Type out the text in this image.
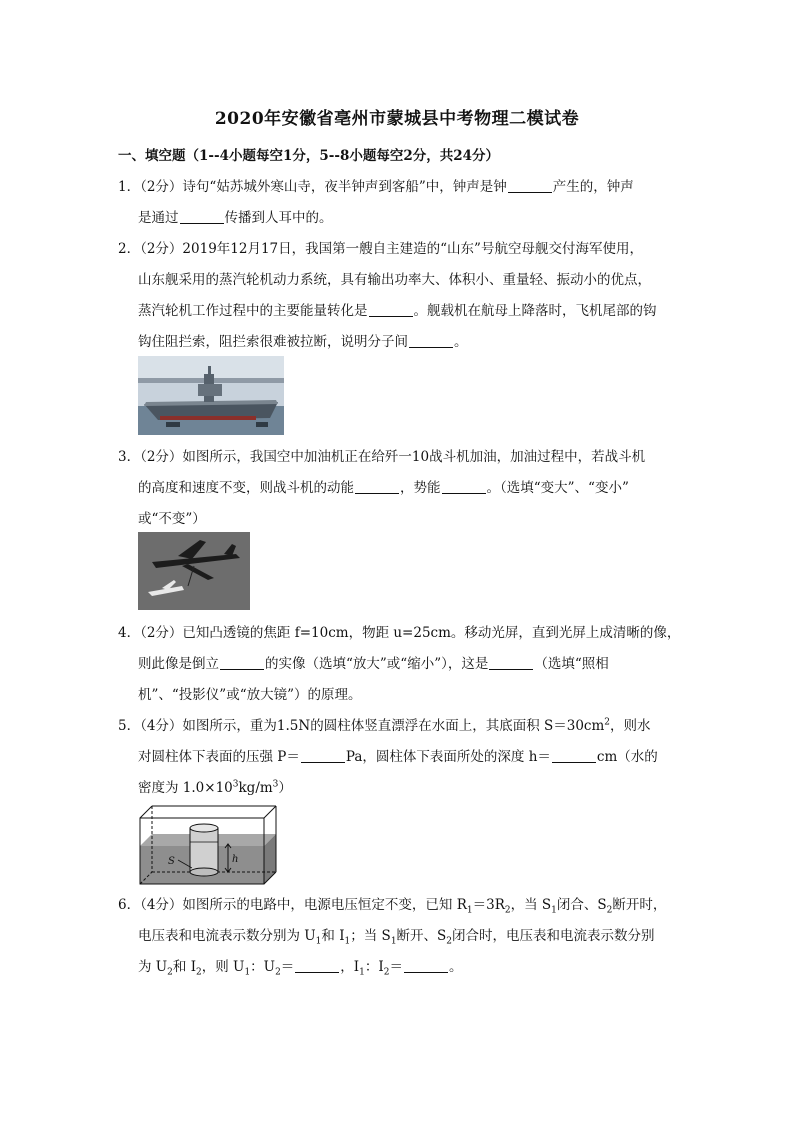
2020年安徽省亳州市蒙城县中考物理二模试卷
一、填空题（1--4小题每空1分，5--8小题每空2分，共24分）
1．（2分）诗句“姑苏城外寒山寺，夜半钟声到客船”中，钟声是钟	产生的，钟声
是通过	传播到人耳中的。
2．（2分）2019年12月17日，我国第一艘自主建造的“山东”号航空母舰交付海军使用，
山东舰采用的蒸汽轮机动力系统，具有输出功率大、体积小、重量轻、振动小的优点，
蒸汽轮机工作过程中的主要能量转化是	。舰载机在航母上降落时，飞机尾部的钩
钩住阻拦索，阻拦索很难被拉断，说明分子间	。
3．（2分）如图所示，我国空中加油机正在给歼一10战斗机加油，加油过程中，若战斗机
的高度和速度不变，则战斗机的动能	，势能	。（选填“变大”、“变小”
或“不变”）
4．（2分）已知凸透镜的焦距 f=10cm，物距 u=25cm。移动光屏，直到光屏上成清晰的像，
则此像是倒立	的实像（选填“放大”或“缩小”），这是	（选填“照相
机”、“投影仪”或“放大镜”）的原理。
5．（4分）如图所示，重为1.5N的圆柱体竖直漂浮在水面上，其底面积 $S=30cm^2$，则水
对圆柱体下表面的压强 P＝	Pa，圆柱体下表面所处的深度 h＝	cm（水的
密度为 $1.0\times 10^3kg/m^3$）
S	h
6．（4分）如图所示的电路中，电源电压恒定不变，已知 $R_1=3R_2$，当 $S_1$闭合、$S_2$断开时，
电压表和电流表示数分别为 $U_1$和 $I_1$；当 $S_1$断开、$S_2$闭合时，电压表和电流表示数分别
为 $U_2$和 $I_2$，则 $U_1$：$U_2=$	，$I_1$：$I_2=$	。
